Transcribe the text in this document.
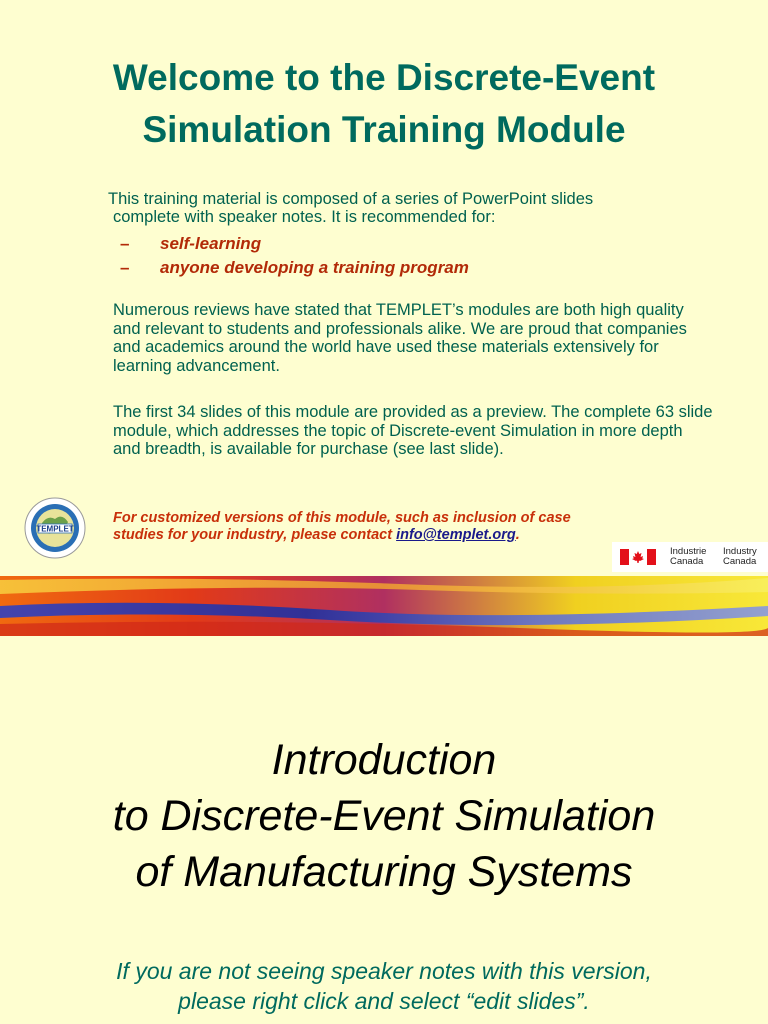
Welcome to the Discrete-Event
Simulation Training Module
This training material is composed of a series of PowerPoint slides
complete with speaker notes. It is recommended for:
–	self-learning
–	anyone developing a training program
Numerous reviews have stated that TEMPLET’s modules are both high quality and relevant to students and professionals alike. We are proud that companies and academics around the world have used these materials extensively for learning advancement.
The first 34 slides of this module are provided as a preview. The complete 63 slide module, which addresses the topic of Discrete-event Simulation in more depth and breadth, is available for purchase (see last slide).
TEMPLET
For customized versions of this module, such as inclusion of case studies for your industry, please contact info@templet.org.
Industrie
Canada
Industry
Canada
Introduction
to Discrete-Event Simulation
of Manufacturing Systems
If you are not seeing speaker notes with this version,
please right click and select “edit slides”.
